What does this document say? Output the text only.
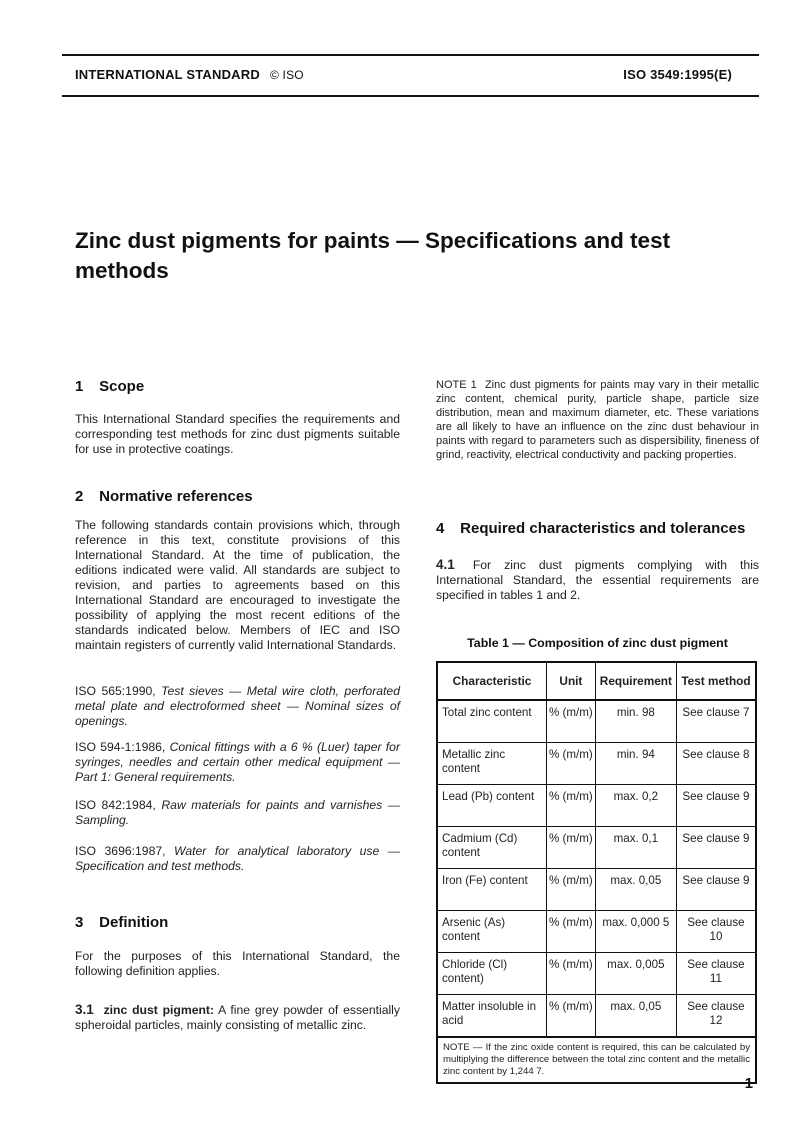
INTERNATIONAL STANDARD © ISO	ISO 3549:1995(E)
Zinc dust pigments for paints — Specifications and test
methods
1 Scope

This International Standard specifies the requirements and corresponding test methods for zinc dust pigments suitable for use in protective coatings.

2 Normative references

The following standards contain provisions which, through reference in this text, constitute provisions of this International Standard. At the time of publication, the editions indicated were valid. All standards are subject to revision, and parties to agreements based on this International Standard are encouraged to investigate the possibility of applying the most recent editions of the standards indicated below. Members of IEC and ISO maintain registers of currently valid International Standards.

ISO 565:1990, Test sieves — Metal wire cloth, perforated metal plate and electroformed sheet — Nominal sizes of openings.

ISO 594-1:1986, Conical fittings with a 6 % (Luer) taper for syringes, needles and certain other medical equipment — Part 1: General requirements.

ISO 842:1984, Raw materials for paints and varnishes — Sampling.

ISO 3696:1987, Water for analytical laboratory use — Specification and test methods.

3 Definition

For the purposes of this International Standard, the following definition applies.

3.1 zinc dust pigment: A fine grey powder of essentially spheroidal particles, mainly consisting of metallic zinc.

NOTE 1 Zinc dust pigments for paints may vary in their metallic zinc content, chemical purity, particle shape, particle size distribution, mean and maximum diameter, etc. These variations are all likely to have an influence on the zinc dust behaviour in paints with regard to parameters such as dispersibility, fineness of grind, reactivity, electrical conductivity and packing properties.

4 Required characteristics and tolerances

4.1 For zinc dust pigments complying with this International Standard, the essential requirements are specified in tables 1 and 2.

Table 1 — Composition of zinc dust pigment
Characteristic	Unit	Requirement	Test method
Total zinc content	% (m/m)	min. 98	See clause 7
Metallic zinc content	% (m/m)	min. 94	See clause 8
Lead (Pb) content	% (m/m)	max. 0,2	See clause 9
Cadmium (Cd) content	% (m/m)	max. 0,1	See clause 9
Iron (Fe) content	% (m/m)	max. 0,05	See clause 9
Arsenic (As) content	% (m/m)	max. 0,000 5	See clause 10
Chloride (Cl) content)	% (m/m)	max. 0,005	See clause 11
Matter insoluble in acid	% (m/m)	max. 0,05	See clause 12
NOTE — If the zinc oxide content is required, this can be calculated by multiplying the difference between the total zinc content and the metallic zinc content by 1,244 7.			
1
